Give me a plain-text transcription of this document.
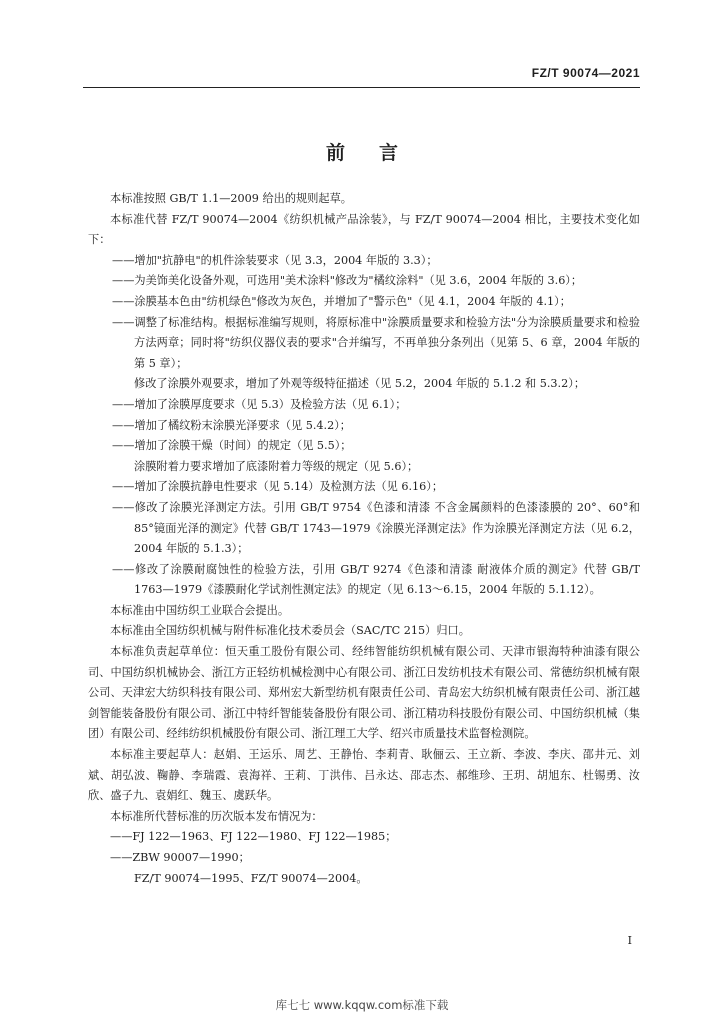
FZ/T 90074—2021
前言

本标准按照 GB/T 1.1—2009 给出的规则起草。

本标准代替 FZ/T 90074—2004《纺织机械产品涂装》，与 FZ/T 90074—2004 相比，主要技术变化如下：

——增加"抗静电"的机件涂装要求（见 3.3，2004 年版的 3.3）；

——为美饰美化设备外观，可选用"美术涂料"修改为"橘纹涂料"（见 3.6，2004 年版的 3.6）；

——涂膜基本色由"纺机绿色"修改为灰色，并增加了"警示色"（见 4.1，2004 年版的 4.1）；

——调整了标准结构。根据标准编写规则，将原标准中"涂膜质量要求和检验方法"分为涂膜质量要求和检验方法两章；同时将"纺织仪器仪表的要求"合并编写，不再单独分条列出（见第 5、6 章，2004 年版的第 5 章）；

修改了涂膜外观要求，增加了外观等级特征描述（见 5.2，2004 年版的 5.1.2 和 5.3.2）；

——增加了涂膜厚度要求（见 5.3）及检验方法（见 6.1）；

——增加了橘纹粉末涂膜光泽要求（见 5.4.2）；

——增加了涂膜干燥（时间）的规定（见 5.5）；

涂膜附着力要求增加了底漆附着力等级的规定（见 5.6）；

——增加了涂膜抗静电性要求（见 5.14）及检测方法（见 6.16）；

——修改了涂膜光泽测定方法。引用 GB/T 9754《色漆和清漆 不含金属颜料的色漆漆膜的 20°、60°和 85°镜面光泽的测定》代替 GB/T 1743—1979《涂膜光泽测定法》作为涂膜光泽测定方法（见 6.2，2004 年版的 5.1.3）；

——修改了涂膜耐腐蚀性的检验方法，引用 GB/T 9274《色漆和清漆 耐液体介质的测定》代替 GB/T 1763—1979《漆膜耐化学试剂性测定法》的规定（见 6.13～6.15，2004 年版的 5.1.12）。

本标准由中国纺织工业联合会提出。

本标准由全国纺织机械与附件标准化技术委员会（SAC/TC 215）归口。

本标准负责起草单位：恒天重工股份有限公司、经纬智能纺织机械有限公司、天津市银海特种油漆有限公司、中国纺织机械协会、浙江方正轻纺机械检测中心有限公司、浙江日发纺机技术有限公司、常德纺织机械有限公司、天津宏大纺织科技有限公司、郑州宏大新型纺机有限责任公司、青岛宏大纺织机械有限责任公司、浙江越剑智能装备股份有限公司、浙江中特纤智能装备股份有限公司、浙江精功科技股份有限公司、中国纺织机械（集团）有限公司、经纬纺织机械股份有限公司、浙江理工大学、绍兴市质量技术监督检测院。

本标准主要起草人：赵娟、王运乐、周艺、王静怡、李莉青、耿俪云、王立新、李波、李庆、邵井元、刘斌、胡弘波、鞠静、李瑞霞、袁海祥、王莉、丁洪伟、吕永达、邵志杰、郝维珍、王玥、胡旭东、杜锡勇、汝欣、盛子九、袁娟红、魏玉、虞跃华。

本标准所代替标准的历次版本发布情况为：

——FJ 122—1963、FJ 122—1980、FJ 122—1985；

——ZBW 90007—1990；

FZ/T 90074—1995、FZ/T 90074—2004。

I
库七七 www.kqqw.com标准下载
